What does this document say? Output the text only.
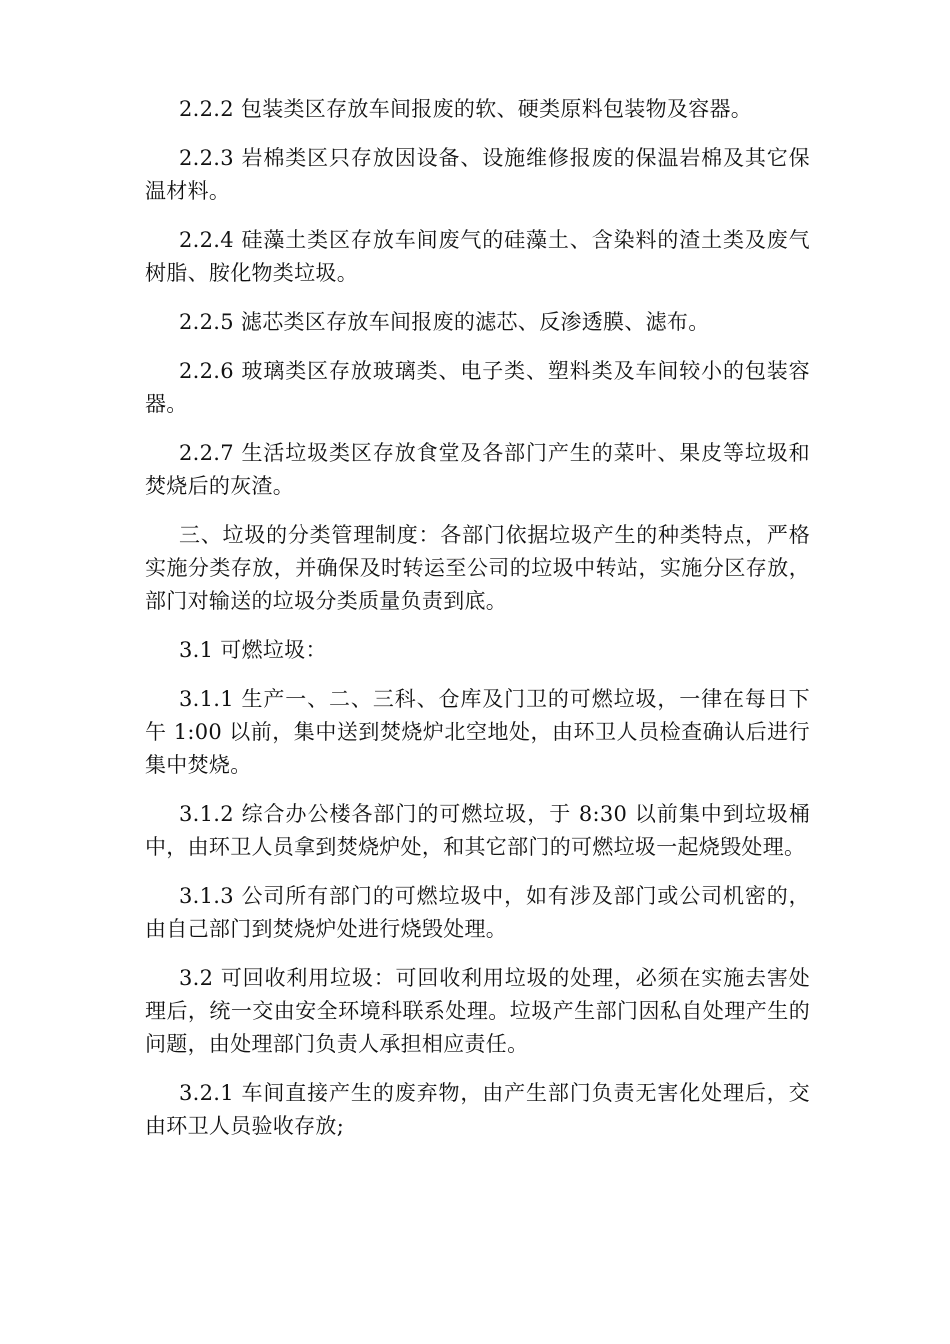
2.2.2 包装类区存放车间报废的软、硬类原料包装物及容器。

2.2.3 岩棉类区只存放因设备、设施维修报废的保温岩棉及其它保温材料。

2.2.4 硅藻土类区存放车间废气的硅藻土、含染料的渣土类及废气树脂、胺化物类垃圾。

2.2.5 滤芯类区存放车间报废的滤芯、反渗透膜、滤布。

2.2.6 玻璃类区存放玻璃类、电子类、塑料类及车间较小的包装容器。

2.2.7 生活垃圾类区存放食堂及各部门产生的菜叶、果皮等垃圾和焚烧后的灰渣。

三、垃圾的分类管理制度：各部门依据垃圾产生的种类特点，严格实施分类存放，并确保及时转运至公司的垃圾中转站，实施分区存放，部门对输送的垃圾分类质量负责到底。

3.1 可燃垃圾：

3.1.1 生产一、二、三科、仓库及门卫的可燃垃圾，一律在每日下午 1:00 以前，集中送到焚烧炉北空地处，由环卫人员检查确认后进行集中焚烧。

3.1.2 综合办公楼各部门的可燃垃圾，于 8:30 以前集中到垃圾桶中，由环卫人员拿到焚烧炉处，和其它部门的可燃垃圾一起烧毁处理。

3.1.3 公司所有部门的可燃垃圾中，如有涉及部门或公司机密的，由自己部门到焚烧炉处进行烧毁处理。

3.2 可回收利用垃圾：可回收利用垃圾的处理，必须在实施去害处理后，统一交由安全环境科联系处理。垃圾产生部门因私自处理产生的问题，由处理部门负责人承担相应责任。

3.2.1 车间直接产生的废弃物，由产生部门负责无害化处理后，交由环卫人员验收存放;
